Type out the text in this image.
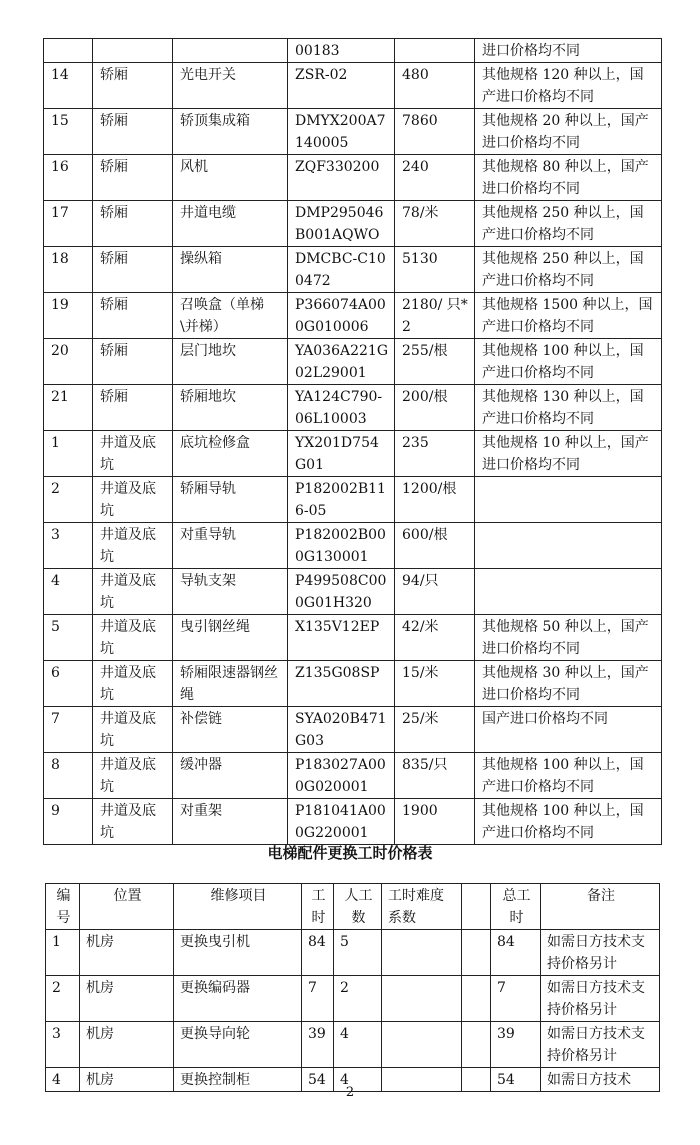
			00183		进口价格均不同
14	轿厢	光电开关	ZSR-02	480	其他规格 120 种以上，国产进口价格均不同
15	轿厢	轿顶集成箱	DMYX200A7140005	7860	其他规格 20 种以上，国产进口价格均不同
16	轿厢	风机	ZQF330200	240	其他规格 80 种以上，国产进口价格均不同
17	轿厢	井道电缆	DMP295046B001AQWO	78/米	其他规格 250 种以上，国产进口价格均不同
18	轿厢	操纵箱	DMCBC-C100472	5130	其他规格 250 种以上，国产进口价格均不同
19	轿厢	召唤盒（单梯\并梯）	P366074A000G010006	2180/ 只*2	其他规格 1500 种以上，国产进口价格均不同
20	轿厢	层门地坎	YA036A221G02L29001	255/根	其他规格 100 种以上，国产进口价格均不同
21	轿厢	轿厢地坎	YA124C790-06L10003	200/根	其他规格 130 种以上，国产进口价格均不同
1	井道及底坑	底坑检修盒	YX201D754G01	235	其他规格 10 种以上，国产进口价格均不同
2	井道及底坑	轿厢导轨	P182002B116-05	1200/根	
3	井道及底坑	对重导轨	P182002B000G130001	600/根	
4	井道及底坑	导轨支架	P499508C000G01H320	94/只	
5	井道及底坑	曳引钢丝绳	X135V12EP	42/米	其他规格 50 种以上，国产进口价格均不同
6	井道及底坑	轿厢限速器钢丝绳	Z135G08SP	15/米	其他规格 30 种以上，国产进口价格均不同
7	井道及底坑	补偿链	SYA020B471G03	25/米	国产进口价格均不同
8	井道及底坑	缓冲器	P183027A000G020001	835/只	其他规格 100 种以上，国产进口价格均不同
9	井道及底坑	对重架	P181041A000G220001	1900	其他规格 100 种以上，国产进口价格均不同
电梯配件更换工时价格表
编号	位置	维修项目	工时	人工数	工时难度系数		总工时	备注
1	机房	更换曳引机	84	5			84	如需日方技术支持价格另计
2	机房	更换编码器	7	2			7	如需日方技术支持价格另计
3	机房	更换导向轮	39	4			39	如需日方技术支持价格另计
4	机房	更换控制柜	54	4			54	如需日方技术
2
